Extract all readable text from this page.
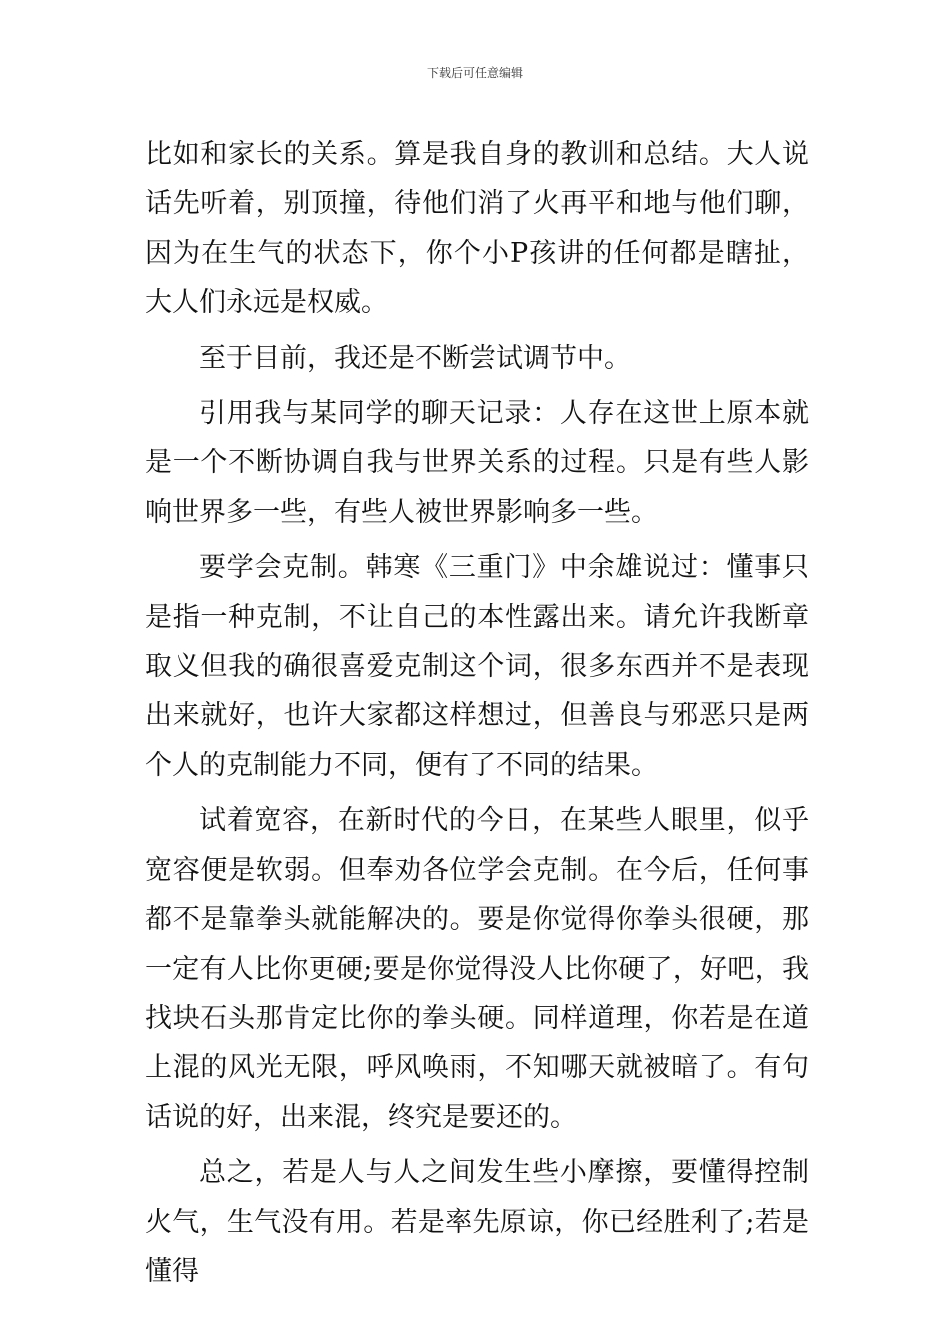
下载后可任意编辑

比如和家长的关系。算是我自身的教训和总结。大人说话先听着，别顶撞，待他们消了火再平和地与他们聊，因为在生气的状态下，你个小P孩讲的任何都是瞎扯，大人们永远是权威。

至于目前，我还是不断尝试调节中。

引用我与某同学的聊天记录：人存在这世上原本就是一个不断协调自我与世界关系的过程。只是有些人影响世界多一些，有些人被世界影响多一些。

要学会克制。韩寒《三重门》中余雄说过：懂事只是指一种克制，不让自己的本性露出来。请允许我断章取义但我的确很喜爱克制这个词，很多东西并不是表现出来就好，也许大家都这样想过，但善良与邪恶只是两个人的克制能力不同，便有了不同的结果。

试着宽容，在新时代的今日，在某些人眼里，似乎宽容便是软弱。但奉劝各位学会克制。在今后，任何事都不是靠拳头就能解决的。要是你觉得你拳头很硬，那一定有人比你更硬;要是你觉得没人比你硬了，好吧，我找块石头那肯定比你的拳头硬。同样道理，你若是在道上混的风光无限，呼风唤雨，不知哪天就被暗了。有句话说的好，出来混，终究是要还的。

总之，若是人与人之间发生些小摩擦，要懂得控制火气，生气没有用。若是率先原谅，你已经胜利了;若是懂得
